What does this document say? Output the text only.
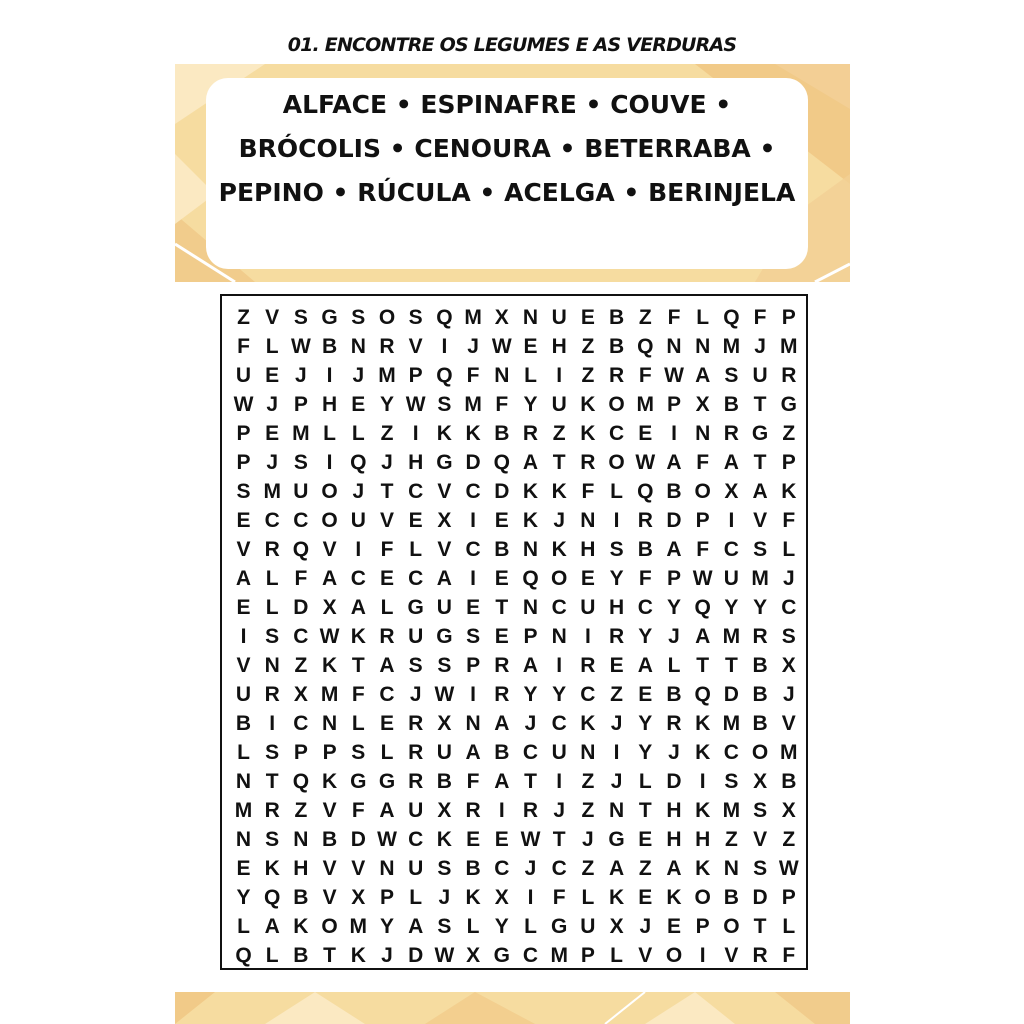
01. ENCONTRE OS LEGUMES E AS VERDURAS
ALFACE • ESPINAFRE • COUVE •
BRÓCOLIS • CENOURA • BETERRABA •
PEPINO • RÚCULA • ACELGA • BERINJELA
Z V S G S O S Q M X N U E B Z F L Q F P
F L W B N R V I J W E H Z B Q N N M J M
U E J I J M P Q F N L I Z R F W A S U R
W J P H E Y W S M F Y U K O M P X B T G
P E M L L Z I K K B R Z K C E I N R G Z
P J S I Q J H G D Q A T R O W A F A T P
S M U O J T C V C D K K F L Q B O X A K
E C C O U V E X I E K J N I R D P I V F
V R Q V I F L V C B N K H S B A F C S L
A L F A C E C A I E Q O E Y F P W U M J
E L D X A L G U E T N C U H C Y Q Y Y C
I S C W K R U G S E P N I R Y J A M R S
V N Z K T A S S P R A I R E A L T T B X
U R X M F C J W I R Y Y C Z E B Q D B J
B I C N L E R X N A J C K J Y R K M B V
L S P P S L R U A B C U N I Y J K C O M
N T Q K G G R B F A T I Z J L D I S X B
M R Z V F A U X R I R J Z N T H K M S X
N S N B D W C K E E W T J G E H H Z V Z
E K H V V N U S B C J C Z A Z A K N S W
Y Q B V X P L J K X I F L K E K O B D P
L A K O M Y A S L Y L G U X J E P O T L
Q L B T K J D W X G C M P L V O I V R F
